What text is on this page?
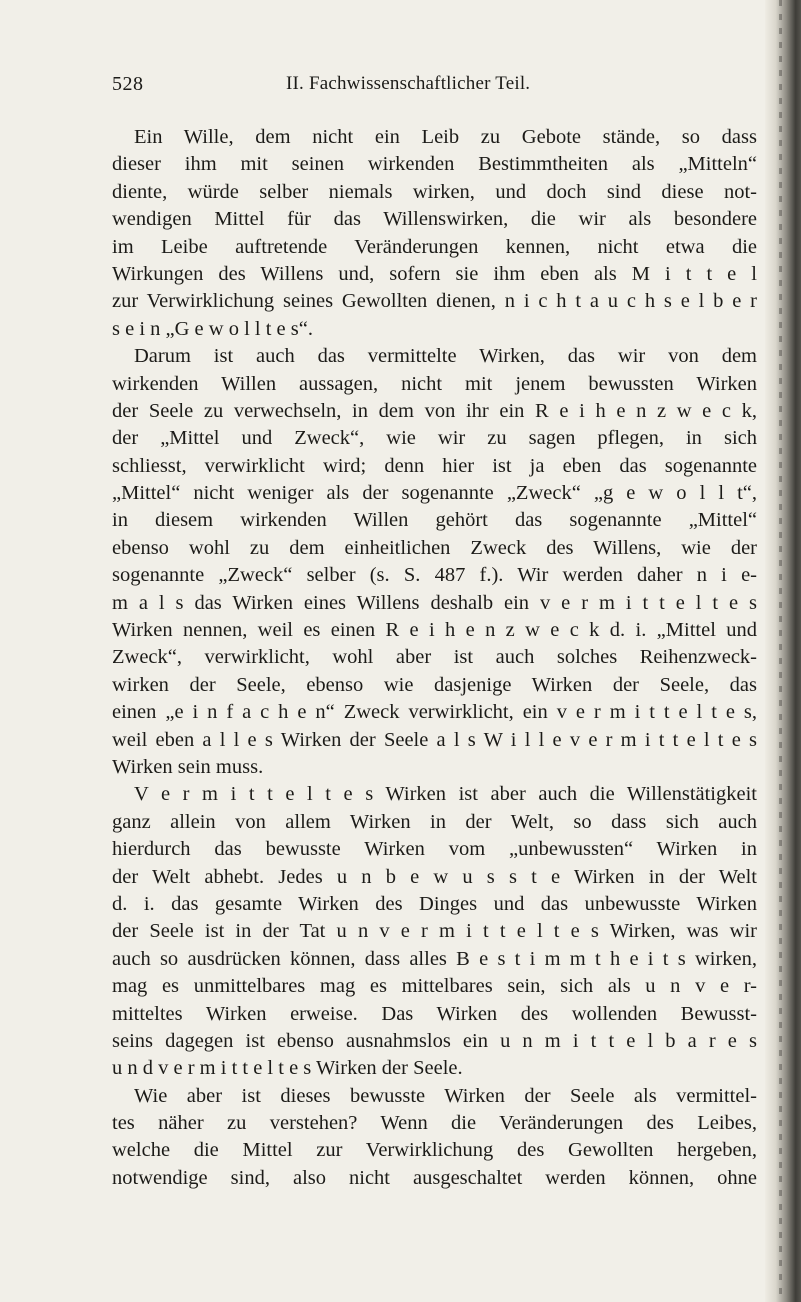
528	II. Fachwissenschaftlicher Teil.
Ein Wille, dem nicht ein Leib zu Gebote stände, so dass
dieser ihm mit seinen wirkenden Bestimmtheiten als „Mitteln“
diente, würde selber niemals wirken, und doch sind diese not-
wendigen Mittel für das Willenswirken, die wir als besondere
im Leibe auftretende Veränderungen kennen, nicht etwa die
Wirkungen des Willens und, sofern sie ihm eben als M i t t e l
zur Verwirklichung seines Gewollten dienen, n i c h t a u c h s e l b e r
s e i n „G e w o l l t e s“.
Darum ist auch das vermittelte Wirken, das wir von dem
wirkenden Willen aussagen, nicht mit jenem bewussten Wirken
der Seele zu verwechseln, in dem von ihr ein R e i h e n z w e c k,
der „Mittel und Zweck“, wie wir zu sagen pflegen, in sich
schliesst, verwirklicht wird; denn hier ist ja eben das sogenannte
„Mittel“ nicht weniger als der sogenannte „Zweck“ „g e w o l l t“,
in diesem wirkenden Willen gehört das sogenannte „Mittel“
ebenso wohl zu dem einheitlichen Zweck des Willens, wie der
sogenannte „Zweck“ selber (s. S. 487 f.). Wir werden daher n i e-
m a l s das Wirken eines Willens deshalb ein v e r m i t t e l t e s
Wirken nennen, weil es einen R e i h e n z w e c k d. i. „Mittel und
Zweck“, verwirklicht, wohl aber ist auch solches Reihenzweck-
wirken der Seele, ebenso wie dasjenige Wirken der Seele, das
einen „e i n f a c h e n“ Zweck verwirklicht, ein v e r m i t t e l t e s,
weil eben a l l e s Wirken der Seele a l s W i l l e v e r m i t t e l t e s
Wirken sein muss.
V e r m i t t e l t e s Wirken ist aber auch die Willenstätigkeit
ganz allein von allem Wirken in der Welt, so dass sich auch
hierdurch das bewusste Wirken vom „unbewussten“ Wirken in
der Welt abhebt. Jedes u n b e w u s s t e Wirken in der Welt
d. i. das gesamte Wirken des Dinges und das unbewusste Wirken
der Seele ist in der Tat u n v e r m i t t e l t e s Wirken, was wir
auch so ausdrücken können, dass alles B e s t i m m t h e i t s wirken,
mag es unmittelbares mag es mittelbares sein, sich als u n v e r-
mitteltes Wirken erweise. Das Wirken des wollenden Bewusst-
seins dagegen ist ebenso ausnahmslos ein u n m i t t e l b a r e s
u n d v e r m i t t e l t e s Wirken der Seele.
Wie aber ist dieses bewusste Wirken der Seele als vermittel-
tes näher zu verstehen? Wenn die Veränderungen des Leibes,
welche die Mittel zur Verwirklichung des Gewollten hergeben,
notwendige sind, also nicht ausgeschaltet werden können, ohne
